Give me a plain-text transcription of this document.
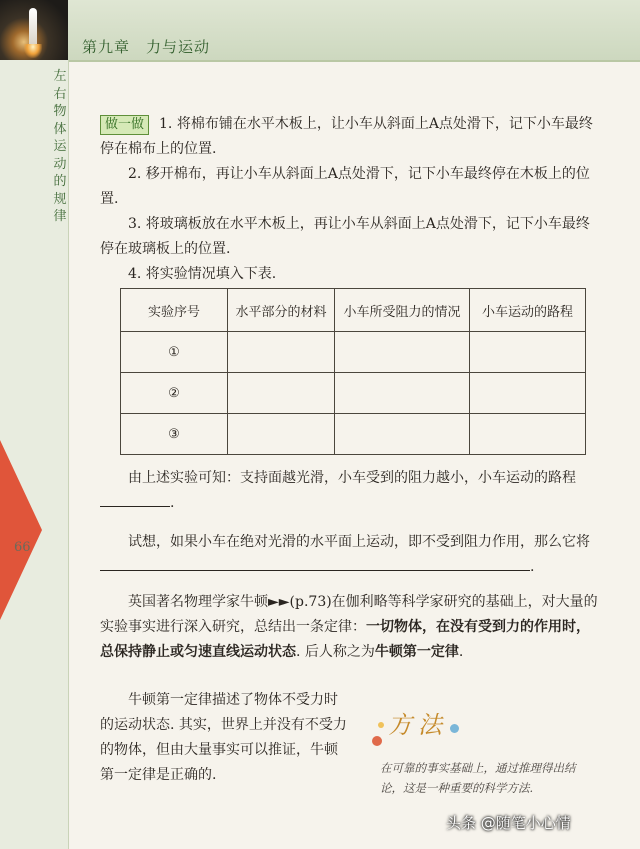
第九章　力与运动
左
右
物
体
运
动
的
规
律
66

做一做 1. 将棉布铺在水平木板上，让小车从斜面上A点处滑下，记下小车最终停在棉布上的位置.

2. 移开棉布，再让小车从斜面上A点处滑下，记下小车最终停在木板上的位置.

3. 将玻璃板放在水平木板上，再让小车从斜面上A点处滑下，记下小车最终停在玻璃板上的位置.

4. 将实验情况填入下表.

实验序号	水平部分的材料	小车所受阻力的情况	小车运动的路程
①			
②			
③			

由上述实验可知：支持面越光滑，小车受到的阻力越小，小车运动的路程.

试想，如果小车在绝对光滑的水平面上运动，即不受到阻力作用，那么它将.

英国著名物理学家牛顿►►(p.73)在伽利略等科学家研究的基础上，对大量的实验事实进行深入研究，总结出一条定律：一切物体，在没有受到力的作用时，总保持静止或匀速直线运动状态. 后人称之为牛顿第一定律.

牛顿第一定律描述了物体不受力时的运动状态. 其实，世界上并没有不受力的物体，但由大量事实可以推证，牛顿第一定律是正确的.

方法
在可靠的事实基础上，通过推理得出结论，这是一种重要的科学方法.
头条 @随笔小心情
